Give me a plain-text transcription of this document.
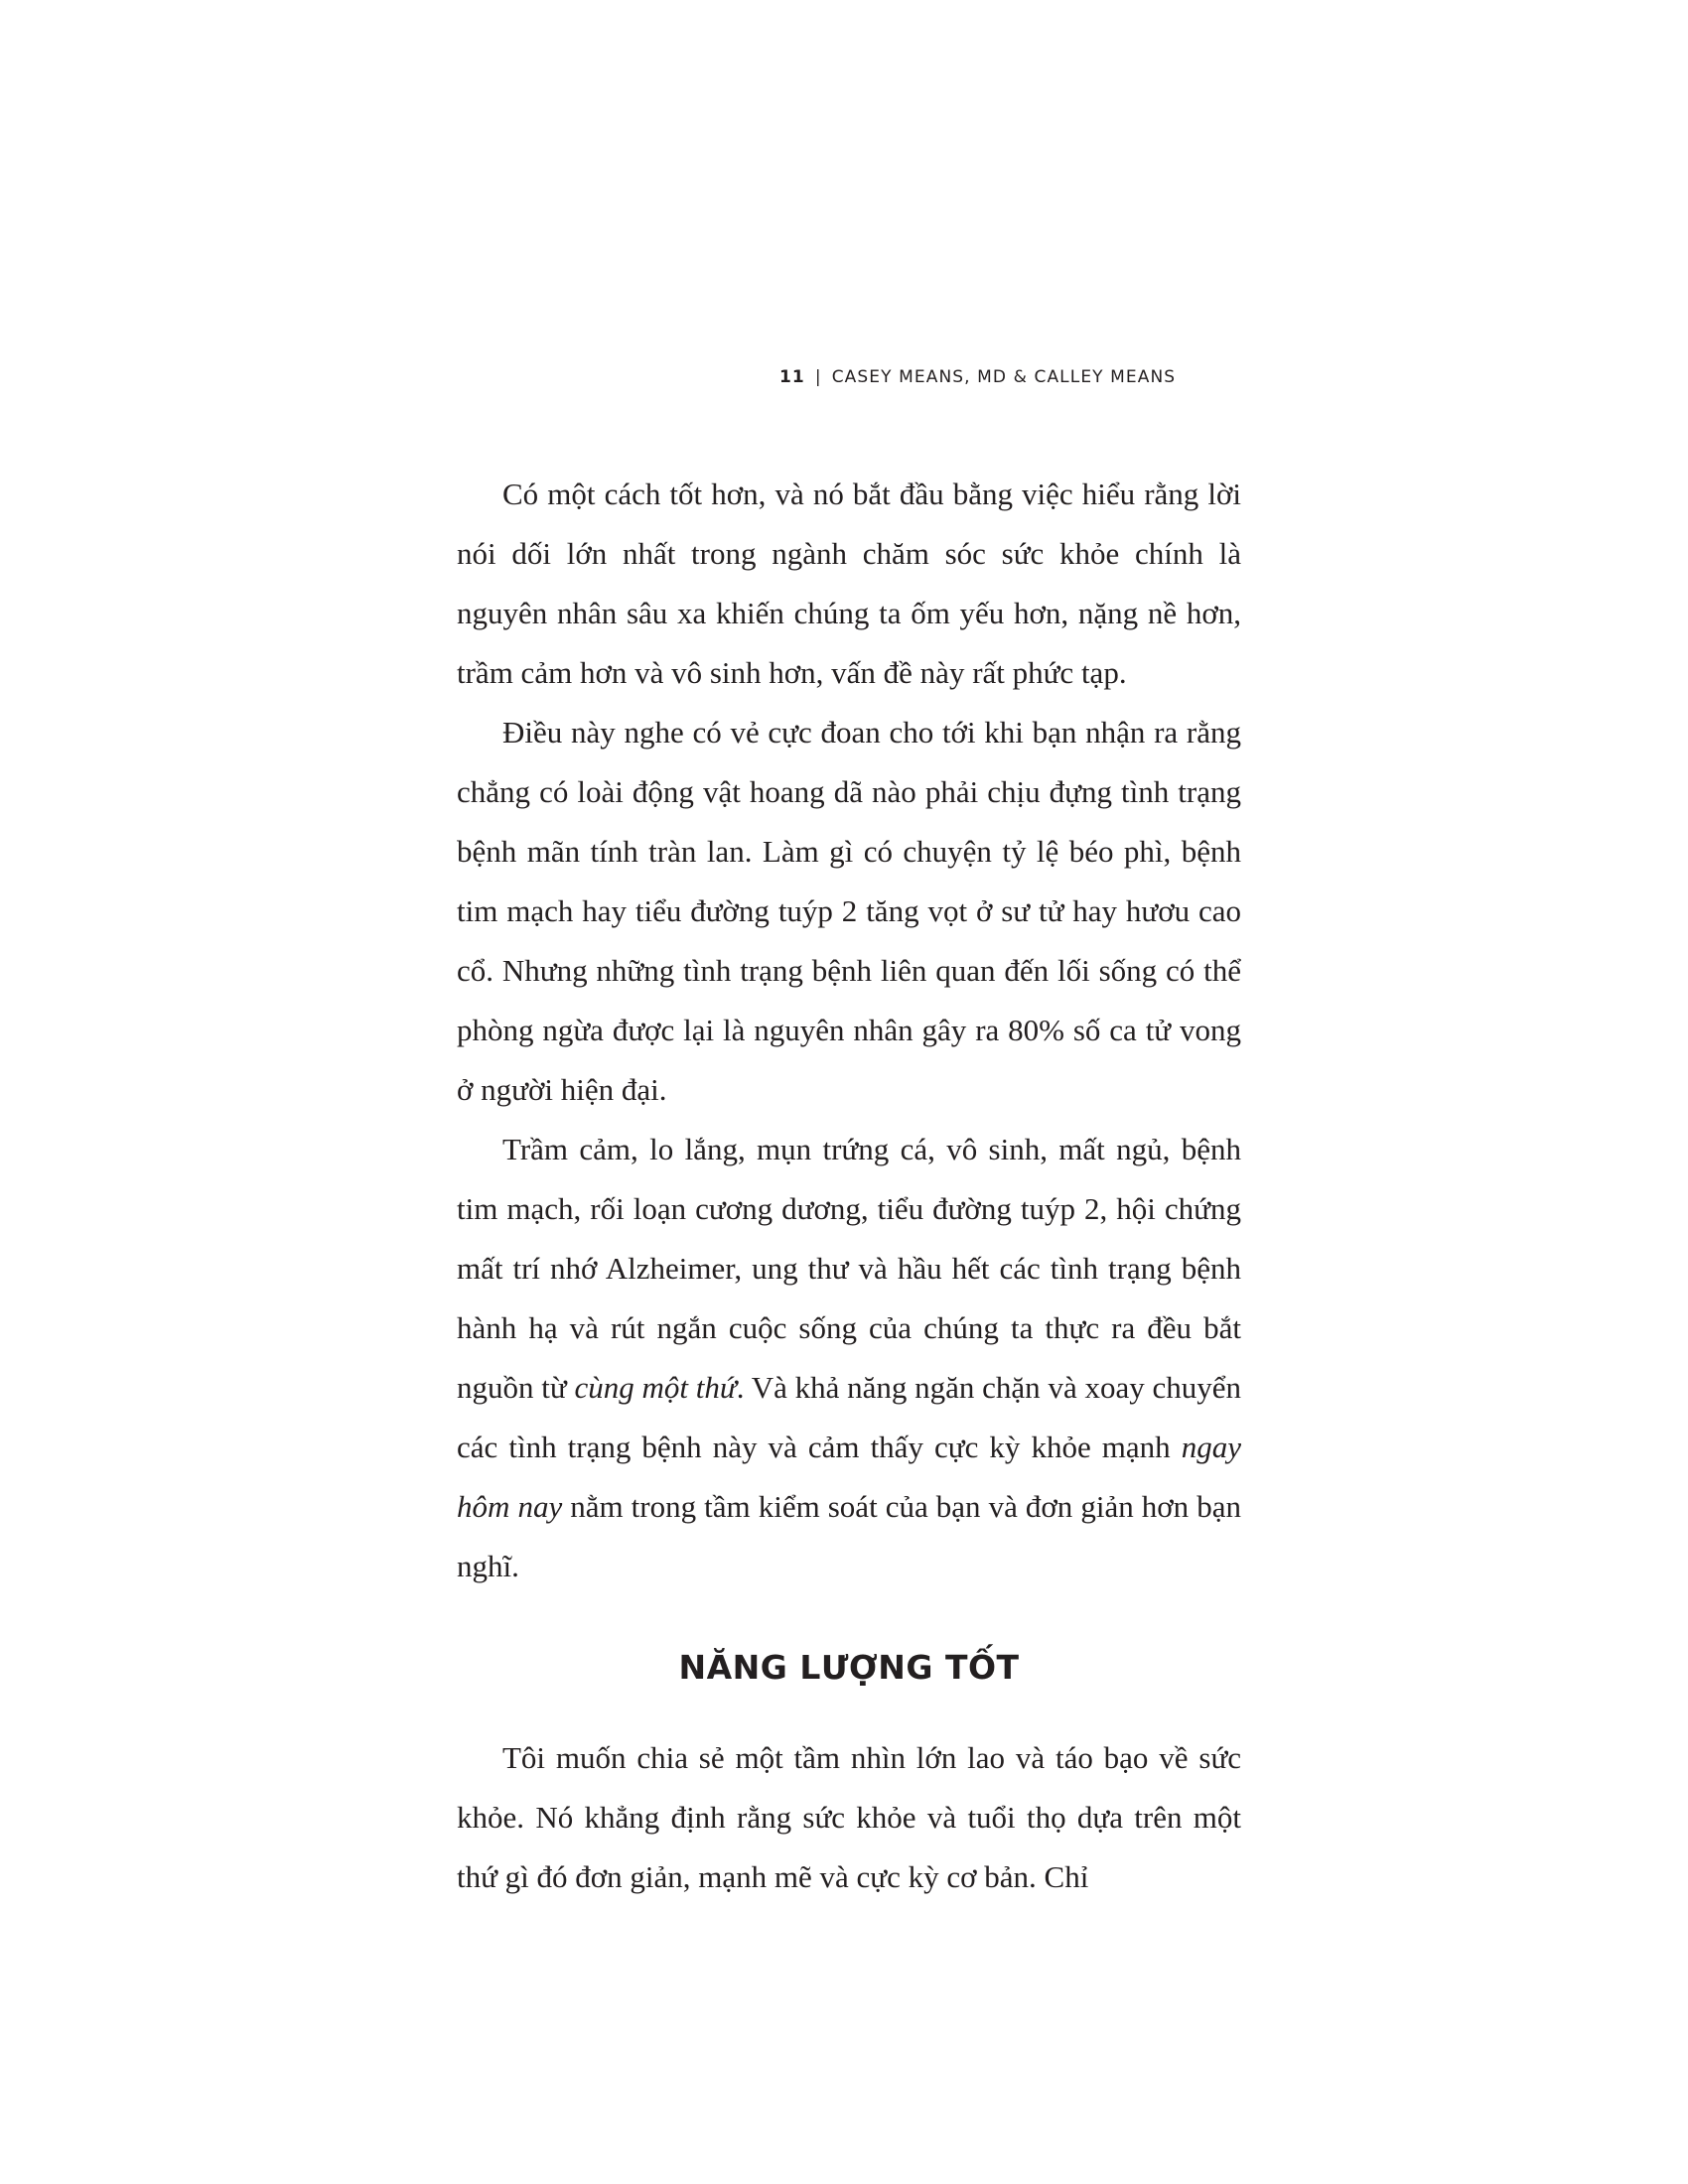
11 | CASEY MEANS, MD & CALLEY MEANS

Có một cách tốt hơn, và nó bắt đầu bằng việc hiểu rằng lời nói dối lớn nhất trong ngành chăm sóc sức khỏe chính là nguyên nhân sâu xa khiến chúng ta ốm yếu hơn, nặng nề hơn, trầm cảm hơn và vô sinh hơn, vấn đề này rất phức tạp.

Điều này nghe có vẻ cực đoan cho tới khi bạn nhận ra rằng chẳng có loài động vật hoang dã nào phải chịu đựng tình trạng bệnh mãn tính tràn lan. Làm gì có chuyện tỷ lệ béo phì, bệnh tim mạch hay tiểu đường tuýp 2 tăng vọt ở sư tử hay hươu cao cổ. Nhưng những tình trạng bệnh liên quan đến lối sống có thể phòng ngừa được lại là nguyên nhân gây ra 80% số ca tử vong ở người hiện đại.

Trầm cảm, lo lắng, mụn trứng cá, vô sinh, mất ngủ, bệnh tim mạch, rối loạn cương dương, tiểu đường tuýp 2, hội chứng mất trí nhớ Alzheimer, ung thư và hầu hết các tình trạng bệnh hành hạ và rút ngắn cuộc sống của chúng ta thực ra đều bắt nguồn từ cùng một thứ. Và khả năng ngăn chặn và xoay chuyển các tình trạng bệnh này và cảm thấy cực kỳ khỏe mạnh ngay hôm nay nằm trong tầm kiểm soát của bạn và đơn giản hơn bạn nghĩ.

NĂNG LƯỢNG TỐT

Tôi muốn chia sẻ một tầm nhìn lớn lao và táo bạo về sức khỏe. Nó khẳng định rằng sức khỏe và tuổi thọ dựa trên một thứ gì đó đơn giản, mạnh mẽ và cực kỳ cơ bản. Chỉ
